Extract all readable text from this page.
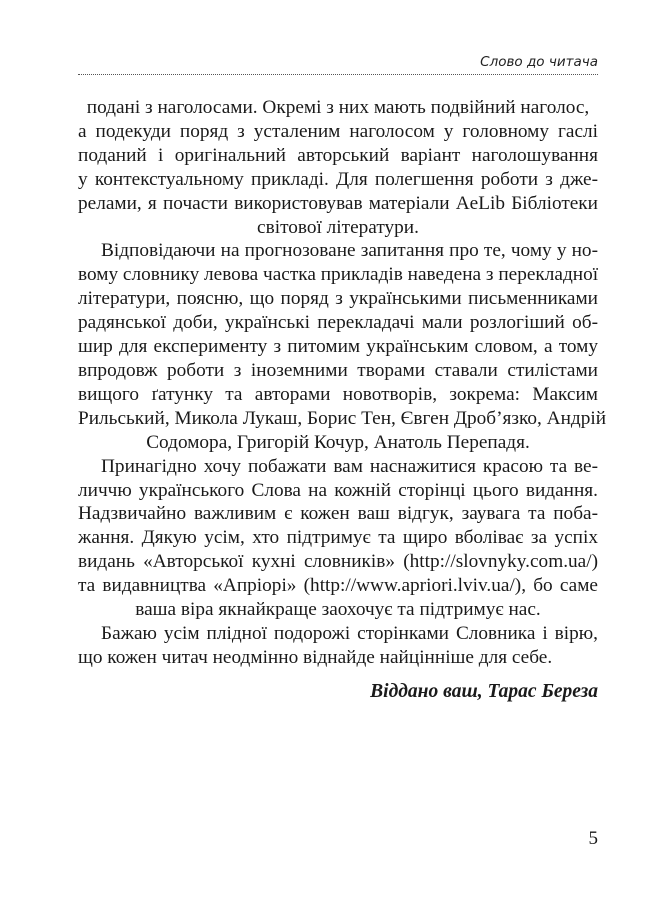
Слово до читача

подані з наголосами. Окремі з них мають подвійний наголос,
а подекуди поряд з усталеним наголосом у головному гаслі
поданий і оригінальний авторський варіант наголошування
у контекстуальному прикладі. Для полегшення роботи з дже-
релами, я почасти використовував матеріали AeLib Бібліотеки
світової літератури.

Відповідаючи на прогнозоване запитання про те, чому у но-
вому словнику левова частка прикладів наведена з перекладної
літератури, поясню, що поряд з українськими письменниками
радянської доби, українські перекладачі мали розлогіший об-
шир для експерименту з питомим українським словом, а тому
впродовж роботи з іноземними творами ставали стилістами
вищого ґатунку та авторами новотворів, зокрема: Максим
Рильський, Микола Лукаш, Борис Тен, Євген Дроб’язко, Андрій
Содомора, Григорій Кочур, Анатоль Перепадя.

Принагідно хочу побажати вам наснажитися красою та ве-
личчю українського Слова на кожній сторінці цього видання.
Надзвичайно важливим є кожен ваш відгук, заувага та поба-
жання. Дякую усім, хто підтримує та щиро вболіває за успіх
видань «Авторської кухні словників» (http://slovnyky.com.ua/)
та видавництва «Апріорі» (http://www.apriori.lviv.ua/), бо саме
ваша віра якнайкраще заохочує та підтримує нас.

Бажаю усім плідної подорожі сторінками Словника і вірю,
що кожен читач неодмінно віднайде найцінніше для себе.

Віддано ваш, Тарас Береза
5
